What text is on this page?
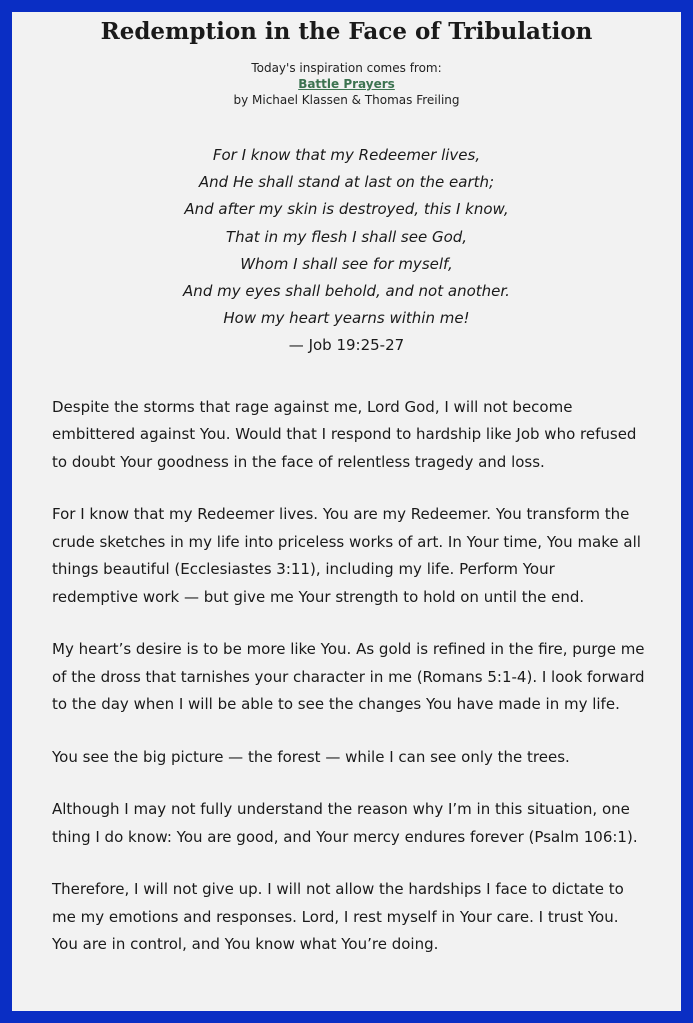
Redemption in the Face of Tribulation
Today's inspiration comes from:
Battle Prayers
by Michael Klassen & Thomas Freiling
For I know that my Redeemer lives,
And He shall stand at last on the earth;
And after my skin is destroyed, this I know,
That in my flesh I shall see God,
Whom I shall see for myself,
And my eyes shall behold, and not another.
How my heart yearns within me!
— Job 19:25-27

Despite the storms that rage against me, Lord God, I will not become embittered against You. Would that I respond to hardship like Job who refused to doubt Your goodness in the face of relentless tragedy and loss.

For I know that my Redeemer lives. You are my Redeemer. You transform the crude sketches in my life into priceless works of art. In Your time, You make all things beautiful (Ecclesiastes 3:11), including my life. Perform Your redemptive work — but give me Your strength to hold on until the end.

My heart’s desire is to be more like You. As gold is refined in the fire, purge me of the dross that tarnishes your character in me (Romans 5:1-4). I look forward to the day when I will be able to see the changes You have made in my life.

You see the big picture — the forest — while I can see only the trees.

Although I may not fully understand the reason why I’m in this situation, one thing I do know: You are good, and Your mercy endures forever (Psalm 106:1).

Therefore, I will not give up. I will not allow the hardships I face to dictate to me my emotions and responses. Lord, I rest myself in Your care. I trust You. You are in control, and You know what You’re doing.
